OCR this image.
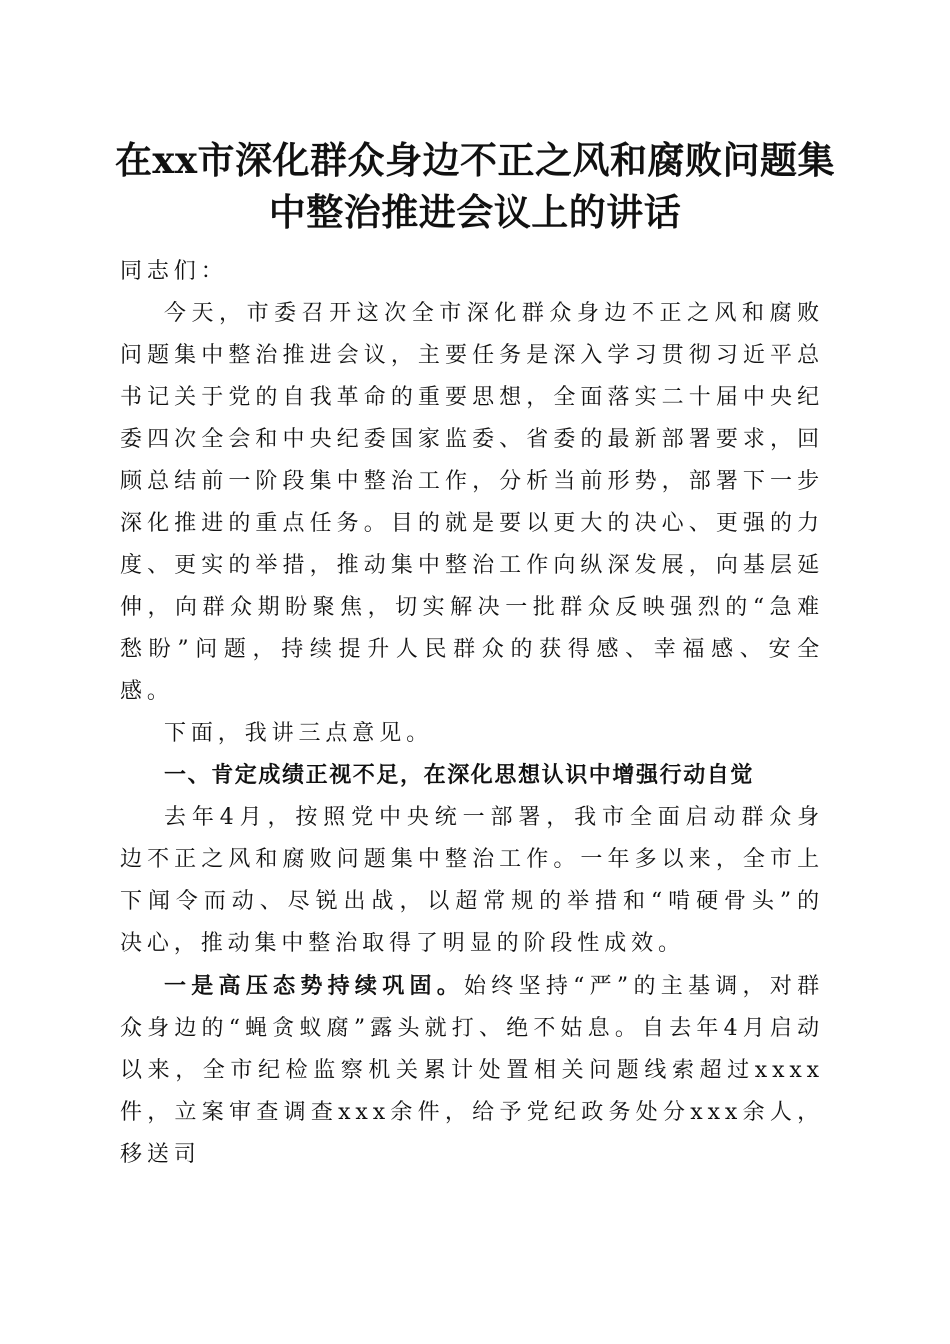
在xx市深化群众身边不正之风和腐败问题集
中整治推进会议上的讲话

同志们：

今天，市委召开这次全市深化群众身边不正之风和腐败问题集中整治推进会议，主要任务是深入学习贯彻习近平总书记关于党的自我革命的重要思想，全面落实二十届中央纪委四次全会和中央纪委国家监委、省委的最新部署要求，回顾总结前一阶段集中整治工作，分析当前形势，部署下一步深化推进的重点任务。目的就是要以更大的决心、更强的力度、更实的举措，推动集中整治工作向纵深发展，向基层延伸，向群众期盼聚焦，切实解决一批群众反映强烈的“急难愁盼”问题，持续提升人民群众的获得感、幸福感、安全感。

下面，我讲三点意见。

一、肯定成绩正视不足，在深化思想认识中增强行动自觉

去年4月，按照党中央统一部署，我市全面启动群众身边不正之风和腐败问题集中整治工作。一年多以来，全市上下闻令而动、尽锐出战，以超常规的举措和“啃硬骨头”的决心，推动集中整治取得了明显的阶段性成效。

一是高压态势持续巩固。始终坚持“严”的主基调，对群众身边的“蝇贪蚁腐”露头就打、绝不姑息。自去年4月启动以来，全市纪检监察机关累计处置相关问题线索超过xxxx件，立案审查调查xxx余件，给予党纪政务处分xxx余人，移送司
